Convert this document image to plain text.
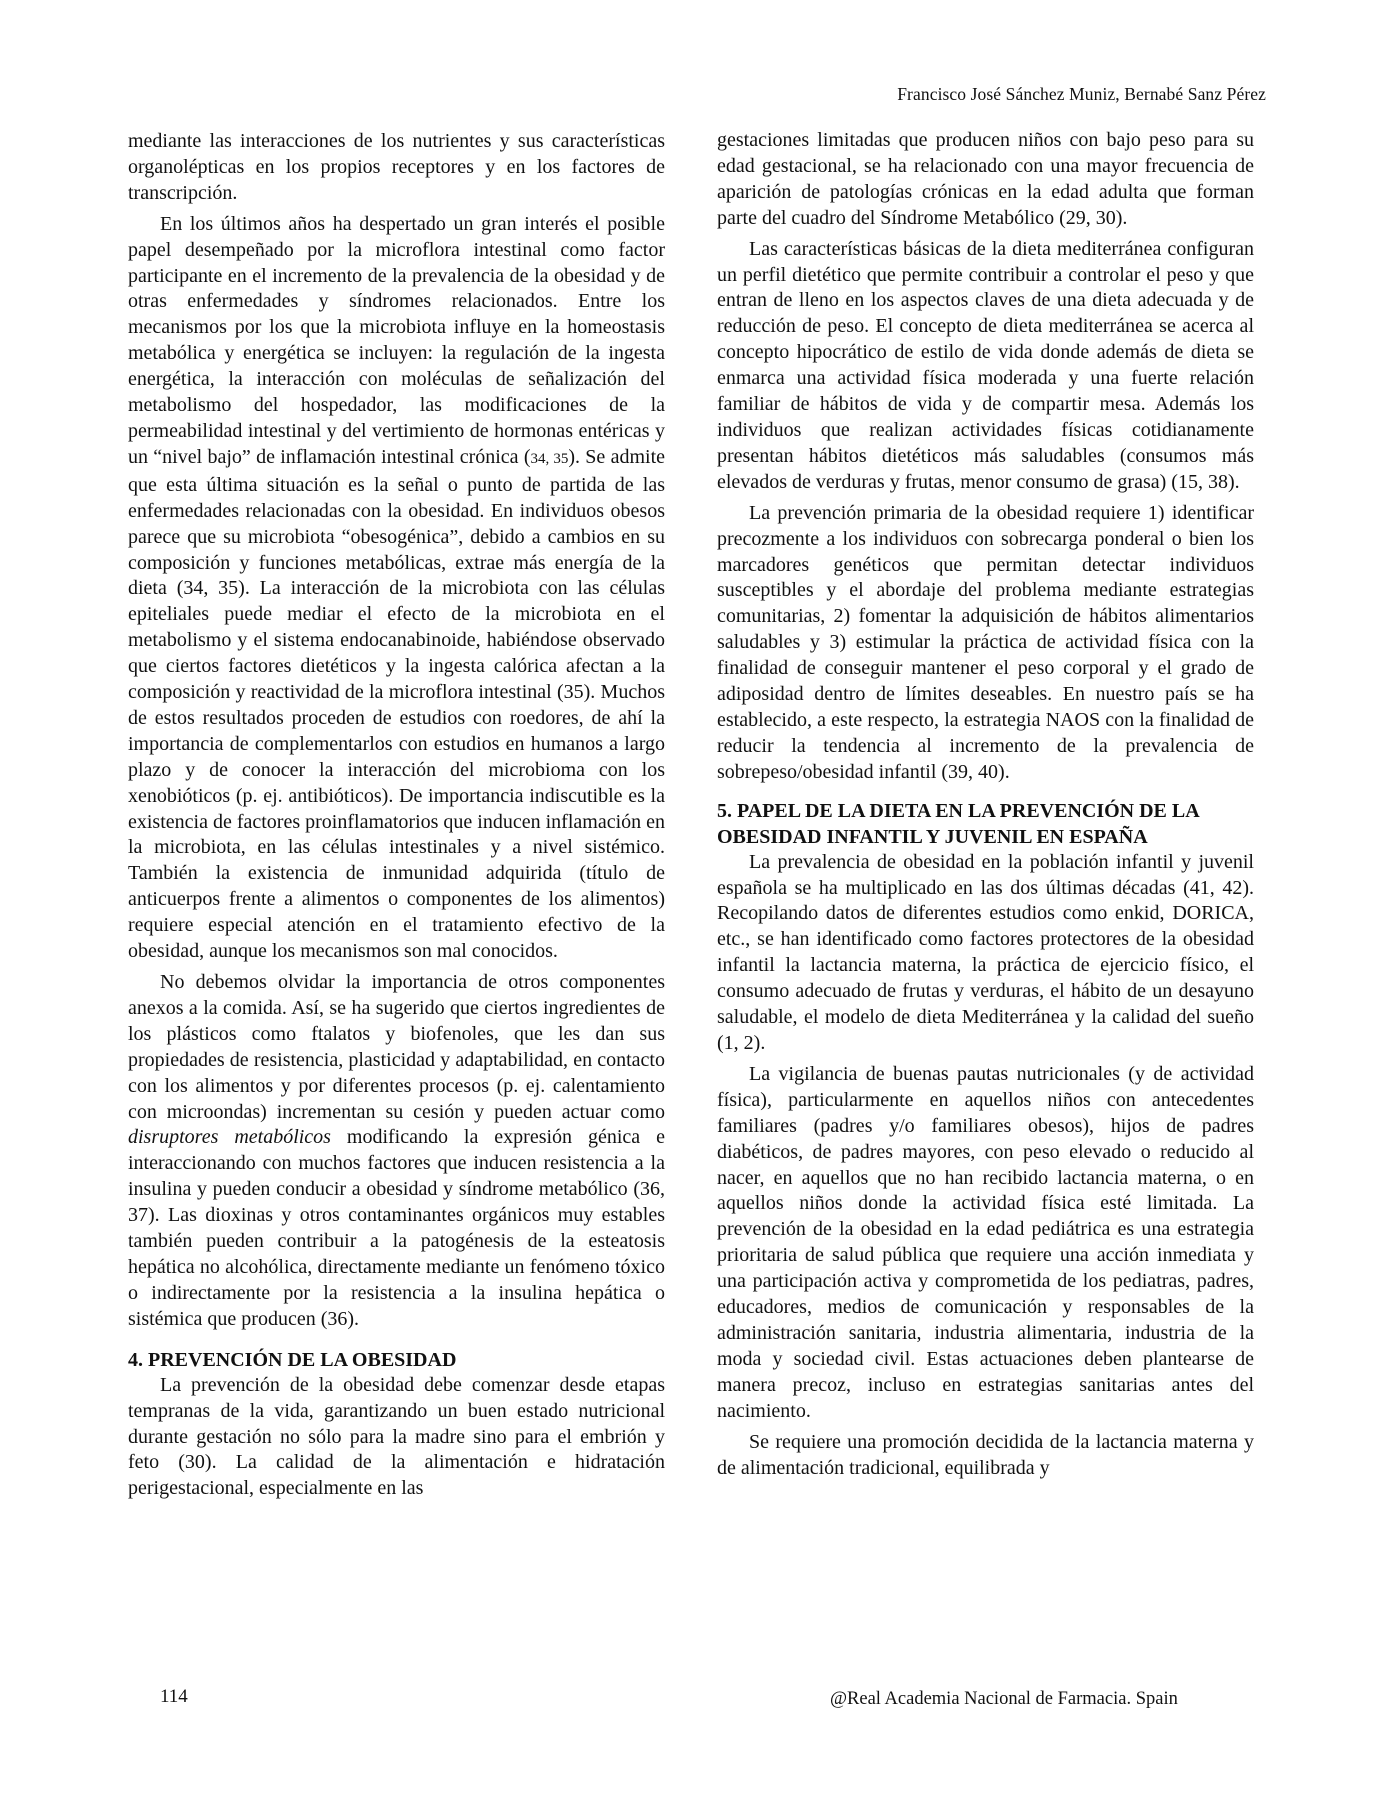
Francisco José Sánchez Muniz, Bernabé Sanz Pérez

mediante las interacciones de los nutrientes y sus características organolépticas en los propios receptores y en los factores de transcripción.

En los últimos años ha despertado un gran interés el posible papel desempeñado por la microflora intestinal como factor participante en el incremento de la prevalencia de la obesidad y de otras enfermedades y síndromes relacionados. Entre los mecanismos por los que la microbiota influye en la homeostasis metabólica y energética se incluyen: la regulación de la ingesta energética, la interacción con moléculas de señalización del metabolismo del hospedador, las modificaciones de la permeabilidad intestinal y del vertimiento de hormonas entéricas y un “nivel bajo” de inflamación intestinal crónica (34, 35). Se admite que esta última situación es la señal o punto de partida de las enfermedades relacionadas con la obesidad. En individuos obesos parece que su microbiota “obesogénica”, debido a cambios en su composición y funciones metabólicas, extrae más energía de la dieta (34, 35). La interacción de la microbiota con las células epiteliales puede mediar el efecto de la microbiota en el metabolismo y el sistema endocanabinoide, habiéndose observado que ciertos factores dietéticos y la ingesta calórica afectan a la composición y reactividad de la microflora intestinal (35). Muchos de estos resultados proceden de estudios con roedores, de ahí la importancia de complementarlos con estudios en humanos a largo plazo y de conocer la interacción del microbioma con los xenobióticos (p. ej. antibióticos). De importancia indiscutible es la existencia de factores proinflamatorios que inducen inflamación en la microbiota, en las células intestinales y a nivel sistémico. También la existencia de inmunidad adquirida (título de anticuerpos frente a alimentos o componentes de los alimentos) requiere especial atención en el tratamiento efectivo de la obesidad, aunque los mecanismos son mal conocidos.

No debemos olvidar la importancia de otros componentes anexos a la comida. Así, se ha sugerido que ciertos ingredientes de los plásticos como ftalatos y biofenoles, que les dan sus propiedades de resistencia, plasticidad y adaptabilidad, en contacto con los alimentos y por diferentes procesos (p. ej. calentamiento con microondas) incrementan su cesión y pueden actuar como disruptores metabólicos modificando la expresión génica e interaccionando con muchos factores que inducen resistencia a la insulina y pueden conducir a obesidad y síndrome metabólico (36, 37). Las dioxinas y otros contaminantes orgánicos muy estables también pueden contribuir a la patogénesis de la esteatosis hepática no alcohólica, directamente mediante un fenómeno tóxico o indirectamente por la resistencia a la insulina hepática o sistémica que producen (36).

4. PREVENCIÓN DE LA OBESIDAD

La prevención de la obesidad debe comenzar desde etapas tempranas de la vida, garantizando un buen estado nutricional durante gestación no sólo para la madre sino para el embrión y feto (30). La calidad de la alimentación e hidratación perigestacional, especialmente en las

gestaciones limitadas que producen niños con bajo peso para su edad gestacional, se ha relacionado con una mayor frecuencia de aparición de patologías crónicas en la edad adulta que forman parte del cuadro del Síndrome Metabólico (29, 30).

Las características básicas de la dieta mediterránea configuran un perfil dietético que permite contribuir a controlar el peso y que entran de lleno en los aspectos claves de una dieta adecuada y de reducción de peso. El concepto de dieta mediterránea se acerca al concepto hipocrático de estilo de vida donde además de dieta se enmarca una actividad física moderada y una fuerte relación familiar de hábitos de vida y de compartir mesa. Además los individuos que realizan actividades físicas cotidianamente presentan hábitos dietéticos más saludables (consumos más elevados de verduras y frutas, menor consumo de grasa) (15, 38).

La prevención primaria de la obesidad requiere 1) identificar precozmente a los individuos con sobrecarga ponderal o bien los marcadores genéticos que permitan detectar individuos susceptibles y el abordaje del problema mediante estrategias comunitarias, 2) fomentar la adquisición de hábitos alimentarios saludables y 3) estimular la práctica de actividad física con la finalidad de conseguir mantener el peso corporal y el grado de adiposidad dentro de límites deseables. En nuestro país se ha establecido, a este respecto, la estrategia NAOS con la finalidad de reducir la tendencia al incremento de la prevalencia de sobrepeso/obesidad infantil (39, 40).

5. PAPEL DE LA DIETA EN LA PREVENCIÓN DE LA OBESIDAD INFANTIL Y JUVENIL EN ESPAÑA

La prevalencia de obesidad en la población infantil y juvenil española se ha multiplicado en las dos últimas décadas (41, 42). Recopilando datos de diferentes estudios como enkid, DORICA, etc., se han identificado como factores protectores de la obesidad infantil la lactancia materna, la práctica de ejercicio físico, el consumo adecuado de frutas y verduras, el hábito de un desayuno saludable, el modelo de dieta Mediterránea y la calidad del sueño (1, 2).

La vigilancia de buenas pautas nutricionales (y de actividad física), particularmente en aquellos niños con antecedentes familiares (padres y/o familiares obesos), hijos de padres diabéticos, de padres mayores, con peso elevado o reducido al nacer, en aquellos que no han recibido lactancia materna, o en aquellos niños donde la actividad física esté limitada. La prevención de la obesidad en la edad pediátrica es una estrategia prioritaria de salud pública que requiere una acción inmediata y una participación activa y comprometida de los pediatras, padres, educadores, medios de comunicación y responsables de la administración sanitaria, industria alimentaria, industria de la moda y sociedad civil. Estas actuaciones deben plantearse de manera precoz, incluso en estrategias sanitarias antes del nacimiento.

Se requiere una promoción decidida de la lactancia materna y de alimentación tradicional, equilibrada y

114	@Real Academia Nacional de Farmacia. Spain
